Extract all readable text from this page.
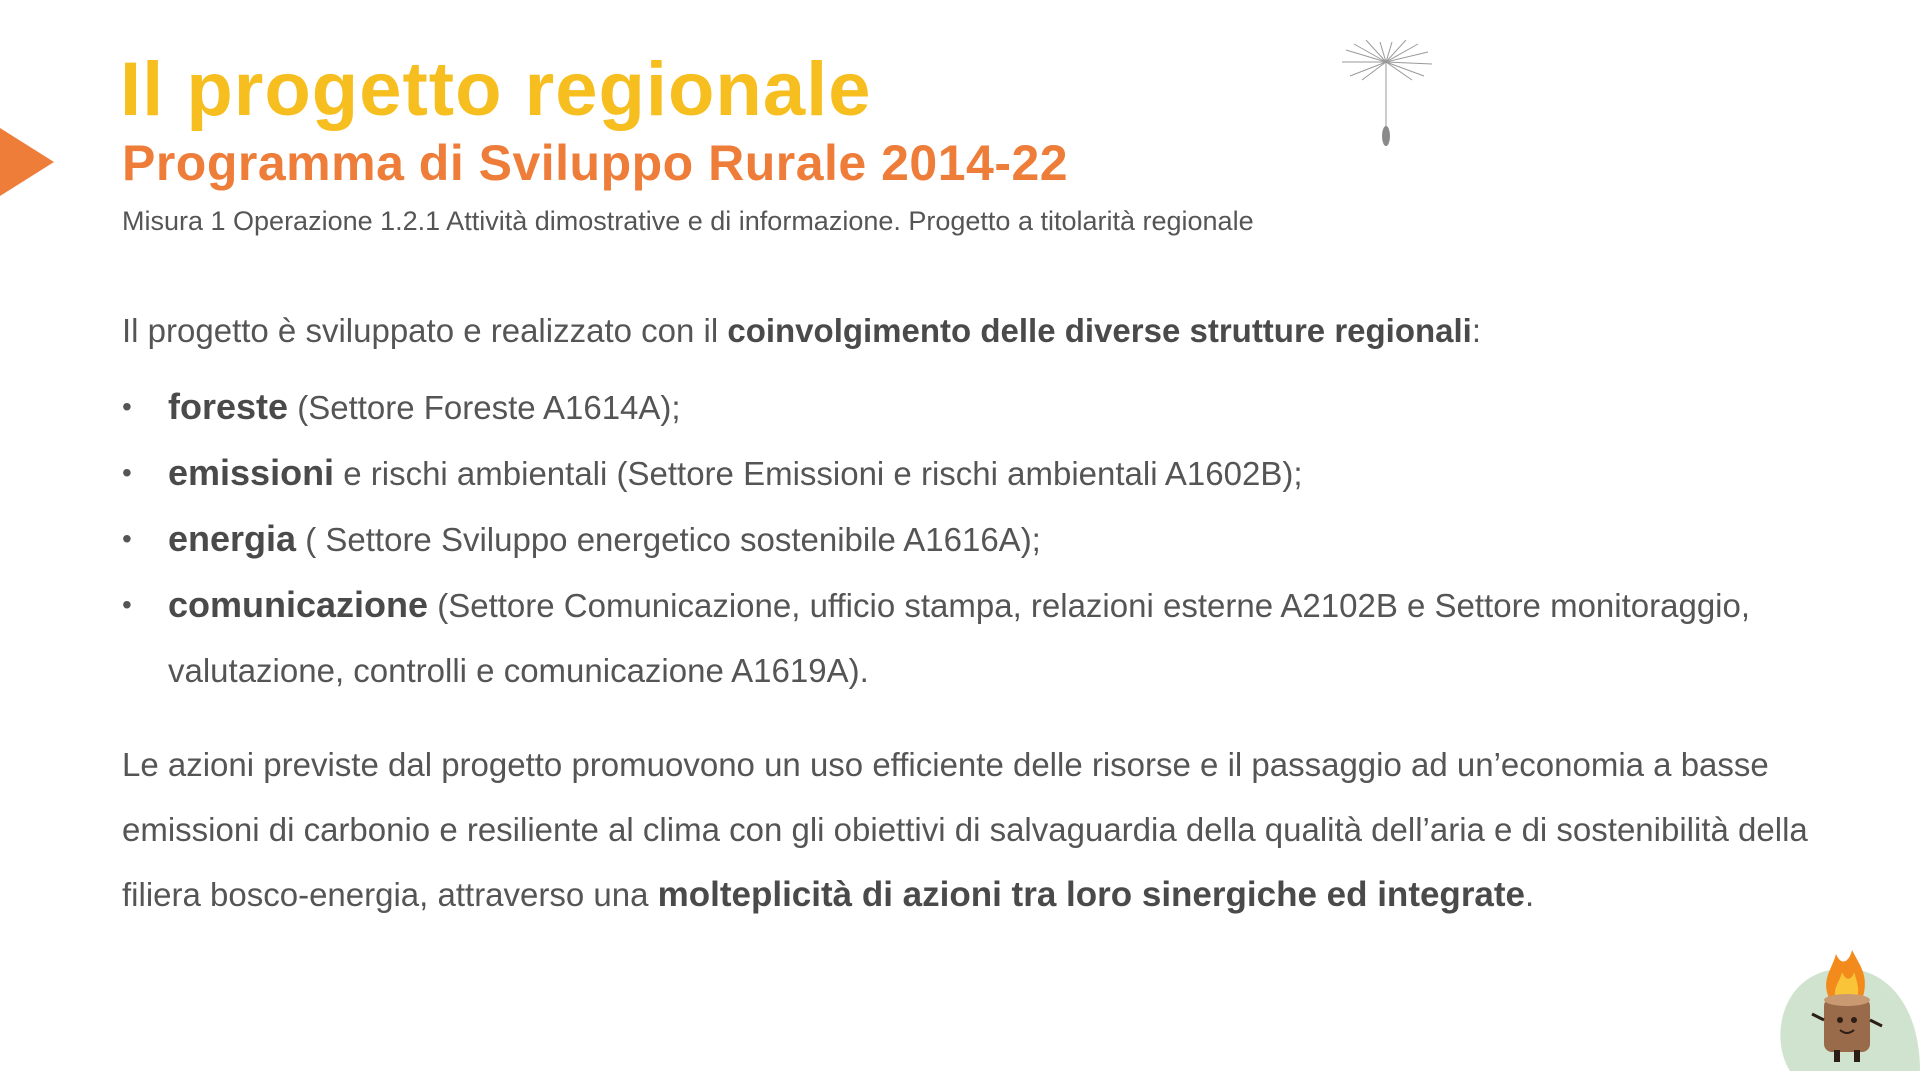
Il progetto regionale
Programma di Sviluppo Rurale 2014-22

Misura 1 Operazione 1.2.1 Attività dimostrative e di informazione. Progetto a titolarità regionale

Il progetto è sviluppato e realizzato con il coinvolgimento delle diverse strutture regionali:

• foreste (Settore Foreste A1614A);
• emissioni e rischi ambientali (Settore Emissioni e rischi ambientali A1602B);
• energia ( Settore Sviluppo energetico sostenibile A1616A);
• comunicazione (Settore Comunicazione, ufficio stampa, relazioni esterne A2102B e Settore monitoraggio, valutazione, controlli e comunicazione A1619A).

Le azioni previste dal progetto promuovono un uso efficiente delle risorse e il passaggio ad un’economia a basse emissioni di carbonio e resiliente al clima con gli obiettivi di salvaguardia della qualità dell’aria e di sostenibilità della filiera bosco-energia, attraverso una molteplicità di azioni tra loro sinergiche ed integrate.
